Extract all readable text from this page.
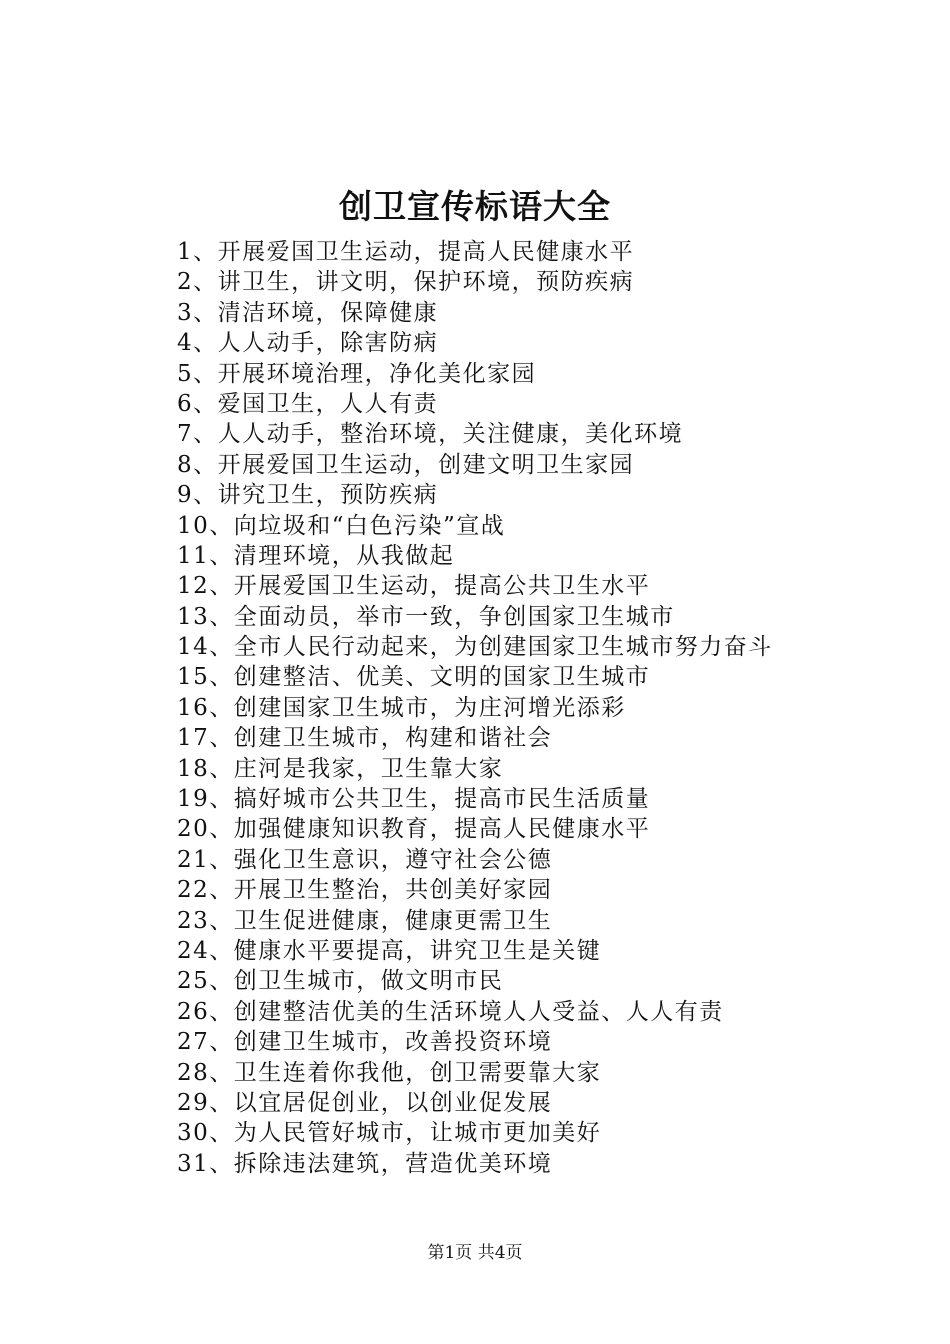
创卫宣传标语大全
1、开展爱国卫生运动，提高人民健康水平
2、讲卫生，讲文明，保护环境，预防疾病
3、清洁环境，保障健康
4、人人动手，除害防病
5、开展环境治理，净化美化家园
6、爱国卫生，人人有责
7、人人动手，整治环境，关注健康，美化环境
8、开展爱国卫生运动，创建文明卫生家园
9、讲究卫生，预防疾病
10、向垃圾和“白色污染”宣战
11、清理环境，从我做起
12、开展爱国卫生运动，提高公共卫生水平
13、全面动员，举市一致，争创国家卫生城市
14、全市人民行动起来，为创建国家卫生城市努力奋斗
15、创建整洁、优美、文明的国家卫生城市
16、创建国家卫生城市，为庄河增光添彩
17、创建卫生城市，构建和谐社会
18、庄河是我家，卫生靠大家
19、搞好城市公共卫生，提高市民生活质量
20、加强健康知识教育，提高人民健康水平
21、强化卫生意识，遵守社会公德
22、开展卫生整治，共创美好家园
23、卫生促进健康，健康更需卫生
24、健康水平要提高，讲究卫生是关键
25、创卫生城市，做文明市民
26、创建整洁优美的生活环境人人受益、人人有责
27、创建卫生城市，改善投资环境
28、卫生连着你我他，创卫需要靠大家
29、以宜居促创业，以创业促发展
30、为人民管好城市，让城市更加美好
31、拆除违法建筑，营造优美环境
第1页 共4页
